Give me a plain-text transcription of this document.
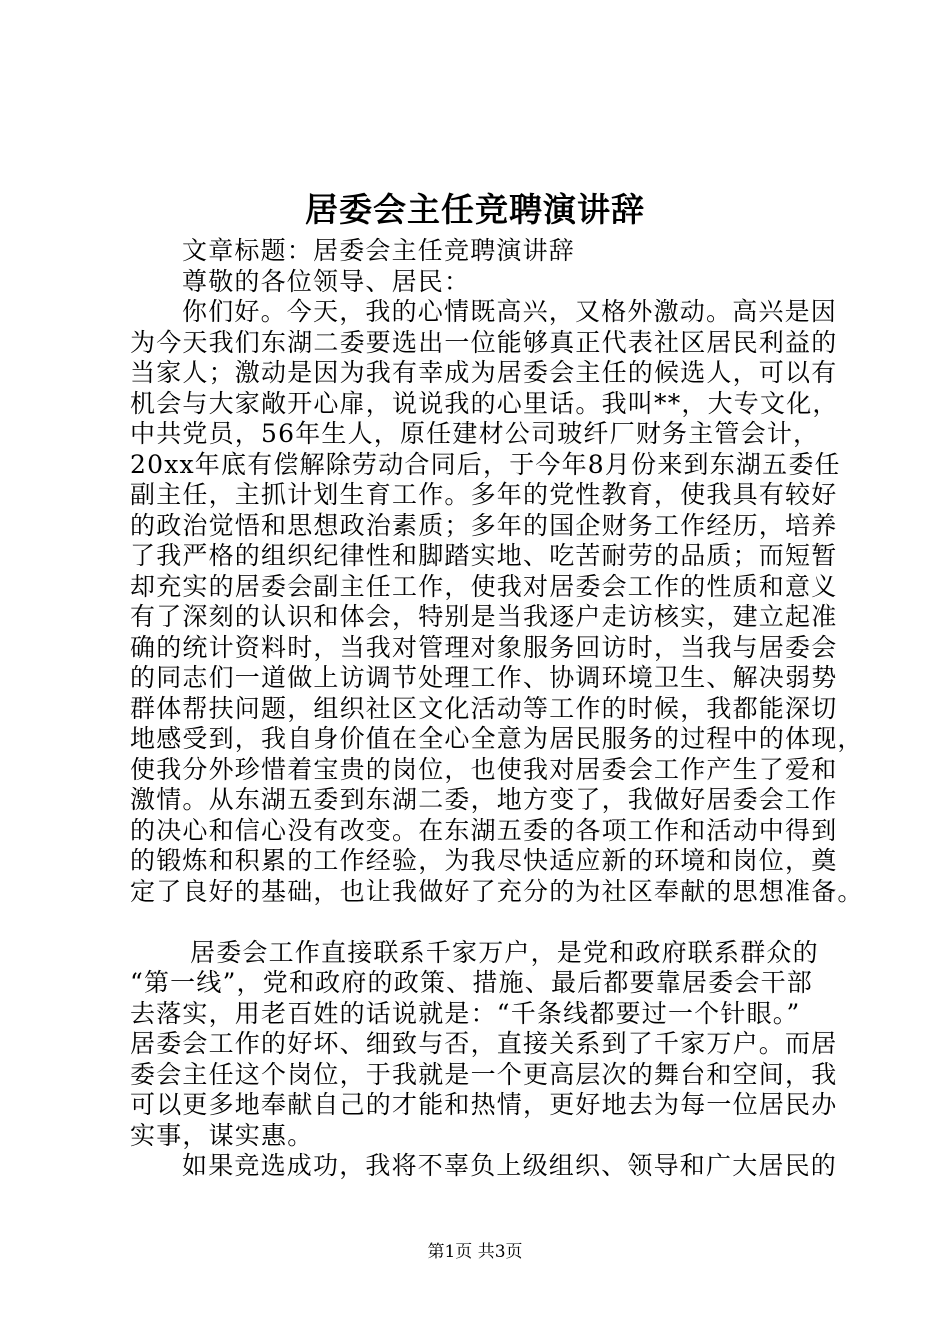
居委会主任竞聘演讲辞
文章标题：居委会主任竞聘演讲辞
尊敬的各位领导、居民：
你们好。今天，我的心情既高兴，又格外激动。高兴是因
为今天我们东湖二委要选出一位能够真正代表社区居民利益的
当家人；激动是因为我有幸成为居委会主任的候选人，可以有
机会与大家敞开心扉，说说我的心里话。我叫**，大专文化，
中共党员，56年生人，原任建材公司玻纤厂财务主管会计，
20xx年底有偿解除劳动合同后，于今年8月份来到东湖五委任
副主任，主抓计划生育工作。多年的党性教育，使我具有较好
的政治觉悟和思想政治素质；多年的国企财务工作经历，培养
了我严格的组织纪律性和脚踏实地、吃苦耐劳的品质；而短暂
却充实的居委会副主任工作，使我对居委会工作的性质和意义
有了深刻的认识和体会，特别是当我逐户走访核实，建立起准
确的统计资料时，当我对管理对象服务回访时，当我与居委会
的同志们一道做上访调节处理工作、协调环境卫生、解决弱势
群体帮扶问题，组织社区文化活动等工作的时候，我都能深切
地感受到，我自身价值在全心全意为居民服务的过程中的体现，
使我分外珍惜着宝贵的岗位，也使我对居委会工作产生了爱和
激情。从东湖五委到东湖二委，地方变了，我做好居委会工作
的决心和信心没有改变。在东湖五委的各项工作和活动中得到
的锻炼和积累的工作经验，为我尽快适应新的环境和岗位，奠
定了良好的基础，也让我做好了充分的为社区奉献的思想准备。
居委会工作直接联系千家万户，是党和政府联系群众的
“第一线”，党和政府的政策、措施、最后都要靠居委会干部
去落实，用老百姓的话说就是：“千条线都要过一个针眼。”
居委会工作的好坏、细致与否，直接关系到了千家万户。而居
委会主任这个岗位，于我就是一个更高层次的舞台和空间，我
可以更多地奉献自己的才能和热情，更好地去为每一位居民办
实事，谋实惠。
如果竞选成功，我将不辜负上级组织、领导和广大居民的
第1页 共3页
